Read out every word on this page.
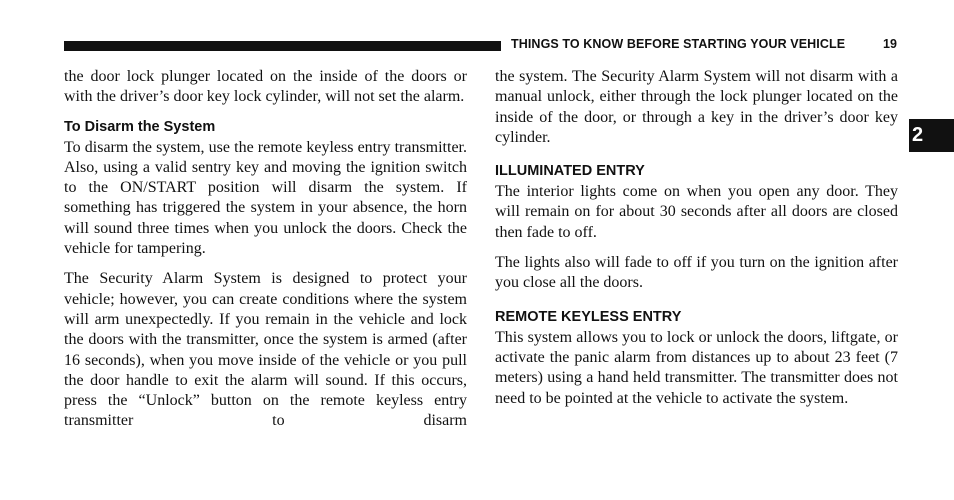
THINGS TO KNOW BEFORE STARTING YOUR VEHICLE	19
2

the door lock plunger located on the inside of the doors or with the driver’s door key lock cylinder, will not set the alarm.

To Disarm the System

To disarm the system, use the remote keyless entry transmitter. Also, using a valid sentry key and moving the ignition switch to the ON/START position will disarm the system. If something has triggered the system in your absence, the horn will sound three times when you unlock the doors. Check the vehicle for tampering.

The Security Alarm System is designed to protect your vehicle; however, you can create conditions where the system will arm unexpectedly. If you remain in the vehicle and lock the doors with the transmitter, once the system is armed (after 16 seconds), when you move inside of the vehicle or you pull the door handle to exit the alarm will sound. If this occurs, press the “Unlock” button on the remote keyless entry transmitter to disarm

the system. The Security Alarm System will not disarm with a manual unlock, either through the lock plunger located on the inside of the door, or through a key in the driver’s door key cylinder.

ILLUMINATED ENTRY

The interior lights come on when you open any door. They will remain on for about 30 seconds after all doors are closed then fade to off.

The lights also will fade to off if you turn on the ignition after you close all the doors.

REMOTE KEYLESS ENTRY

This system allows you to lock or unlock the doors, liftgate, or activate the panic alarm from distances up to about 23 feet (7 meters) using a hand held transmitter. The transmitter does not need to be pointed at the vehicle to activate the system.
